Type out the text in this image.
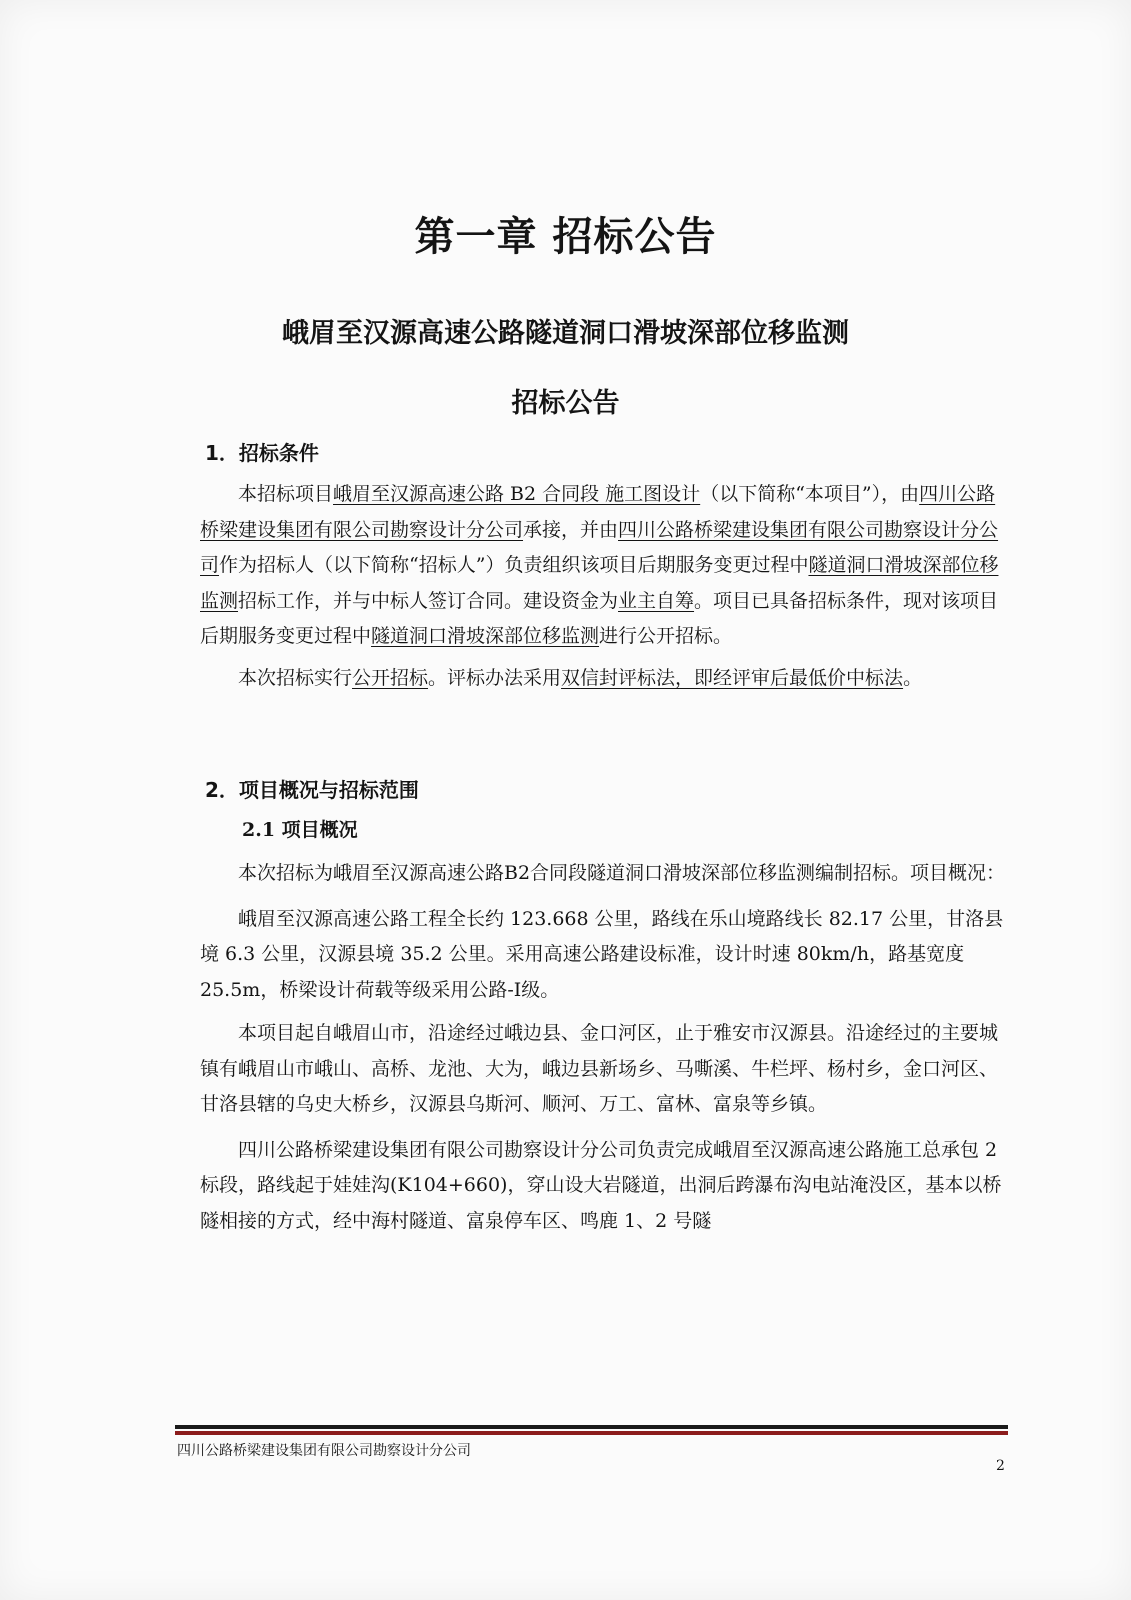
第一章 招标公告
峨眉至汉源高速公路隧道洞口滑坡深部位移监测
招标公告
1．招标条件

本招标项目峨眉至汉源高速公路 B2 合同段 施工图设计（以下简称“本项目”），由四川公路桥梁建设集团有限公司勘察设计分公司承接，并由四川公路桥梁建设集团有限公司勘察设计分公司作为招标人（以下简称“招标人”）负责组织该项目后期服务变更过程中隧道洞口滑坡深部位移监测招标工作，并与中标人签订合同。建设资金为业主自筹。项目已具备招标条件，现对该项目后期服务变更过程中隧道洞口滑坡深部位移监测进行公开招标。

本次招标实行公开招标。评标办法采用双信封评标法，即经评审后最低价中标法。

2．项目概况与招标范围
2.1 项目概况

本次招标为峨眉至汉源高速公路B2合同段隧道洞口滑坡深部位移监测编制招标。项目概况：

峨眉至汉源高速公路工程全长约 123.668 公里，路线在乐山境路线长 82.17 公里，甘洛县境 6.3 公里，汉源县境 35.2 公里。采用高速公路建设标准，设计时速 80km/h，路基宽度 25.5m，桥梁设计荷载等级采用公路-Ⅰ级。

本项目起自峨眉山市，沿途经过峨边县、金口河区，止于雅安市汉源县。沿途经过的主要城镇有峨眉山市峨山、高桥、龙池、大为，峨边县新场乡、马嘶溪、牛栏坪、杨村乡，金口河区、甘洛县辖的乌史大桥乡，汉源县乌斯河、顺河、万工、富林、富泉等乡镇。

四川公路桥梁建设集团有限公司勘察设计分公司负责完成峨眉至汉源高速公路施工总承包 2 标段，路线起于娃娃沟(K104+660)，穿山设大岩隧道，出洞后跨瀑布沟电站淹没区，基本以桥隧相接的方式，经中海村隧道、富泉停车区、鸣鹿 1、2 号隧

四川公路桥梁建设集团有限公司勘察设计分公司
2
